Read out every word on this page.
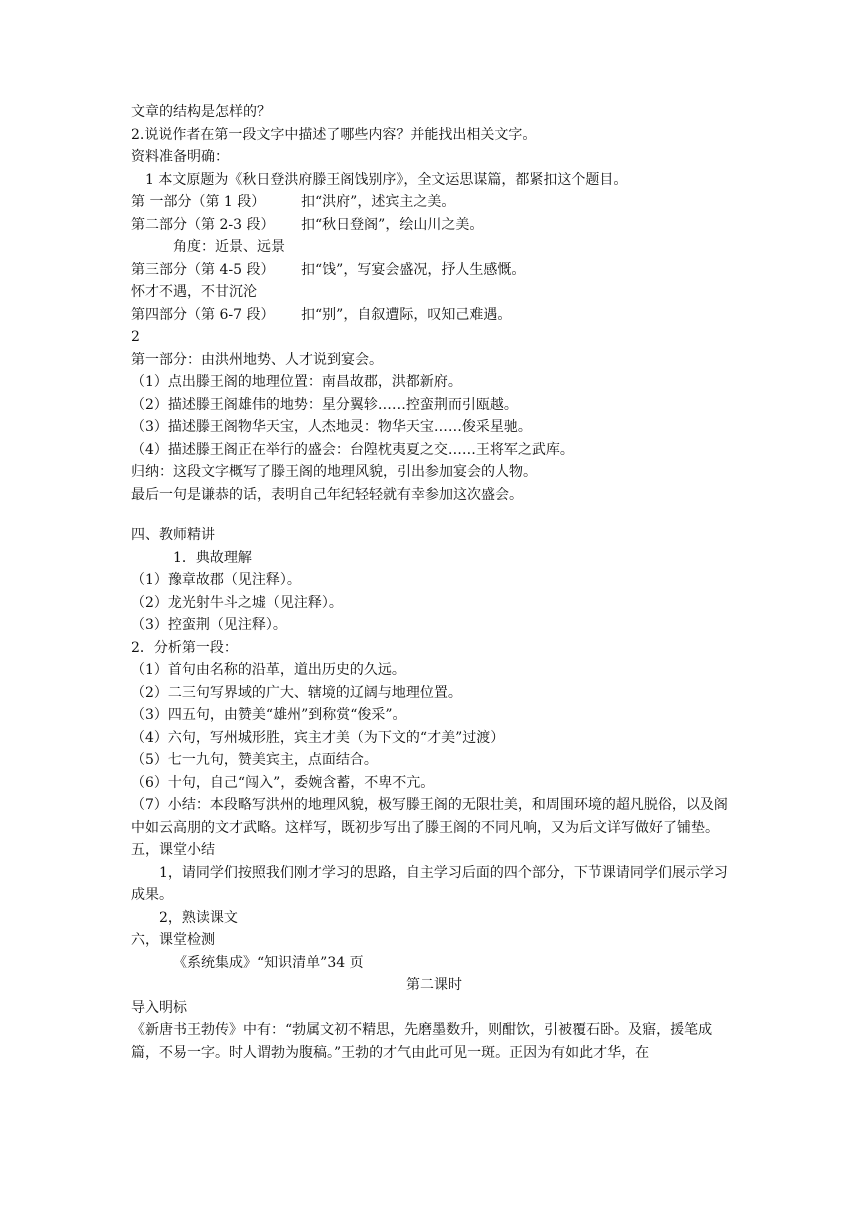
文章的结构是怎样的？
2.说说作者在第一段文字中描述了哪些内容？并能找出相关文字。
资料准备明确：
1 本文原题为《秋日登洪府滕王阁饯别序》，全文运思谋篇，都紧扣这个题目。
第 一部分（第 1 段）	扣“洪府”，述宾主之美。
第二部分（第 2-3 段）	扣“秋日登阁”，绘山川之美。
角度：近景、远景
第三部分（第 4-5 段）	扣“饯”，写宴会盛况，抒人生感慨。
怀才不遇，不甘沉沦
第四部分（第 6-7 段）	扣“别”，自叙遭际，叹知己难遇。
2
第一部分：由洪州地势、人才说到宴会。
（1）点出滕王阁的地理位置：南昌故郡，洪都新府。
（2）描述滕王阁雄伟的地势：星分翼轸……控蛮荆而引瓯越。
（3）描述滕王阁物华天宝，人杰地灵：物华天宝……俊采星驰。
（4）描述滕王阁正在举行的盛会：台隍枕夷夏之交……王将军之武库。
归纳：这段文字概写了滕王阁的地理风貌，引出参加宴会的人物。
最后一句是谦恭的话，表明自己年纪轻轻就有幸参加这次盛会。
四、教师精讲
1．典故理解
（1）豫章故郡（见注释）。
（2）龙光射牛斗之墟（见注释）。
（3）控蛮荆（见注释）。
2．分析第一段：
（1）首句由名称的沿革，道出历史的久远。
（2）二三句写界域的广大、辖境的辽阔与地理位置。
（3）四五句，由赞美“雄州”到称赏“俊采”。
（4）六句，写州城形胜，宾主才美（为下文的“才美”过渡）
（5）七一九句，赞美宾主，点面结合。
（6）十句，自己“闯入”，委婉含蓄，不卑不亢。
（7）小结：本段略写洪州的地理风貌，极写滕王阁的无限壮美，和周围环境的超凡脱俗，以及阁中如云高朋的文才武略。这样写，既初步写出了滕王阁的不同凡响，又为后文详写做好了铺垫。
五，课堂小结
1，请同学们按照我们刚才学习的思路，自主学习后面的四个部分，下节课请同学们展示学习成果。
2，熟读课文
六，课堂检测
《系统集成》“知识清单”34 页
第二课时
导入明标
《新唐书王勃传》中有：“勃属文初不精思，先磨墨数升，则酣饮，引被覆石卧。及寤，援笔成篇，不易一字。时人谓勃为腹稿。”王勃的才气由此可见一斑。正因为有如此才华，在
